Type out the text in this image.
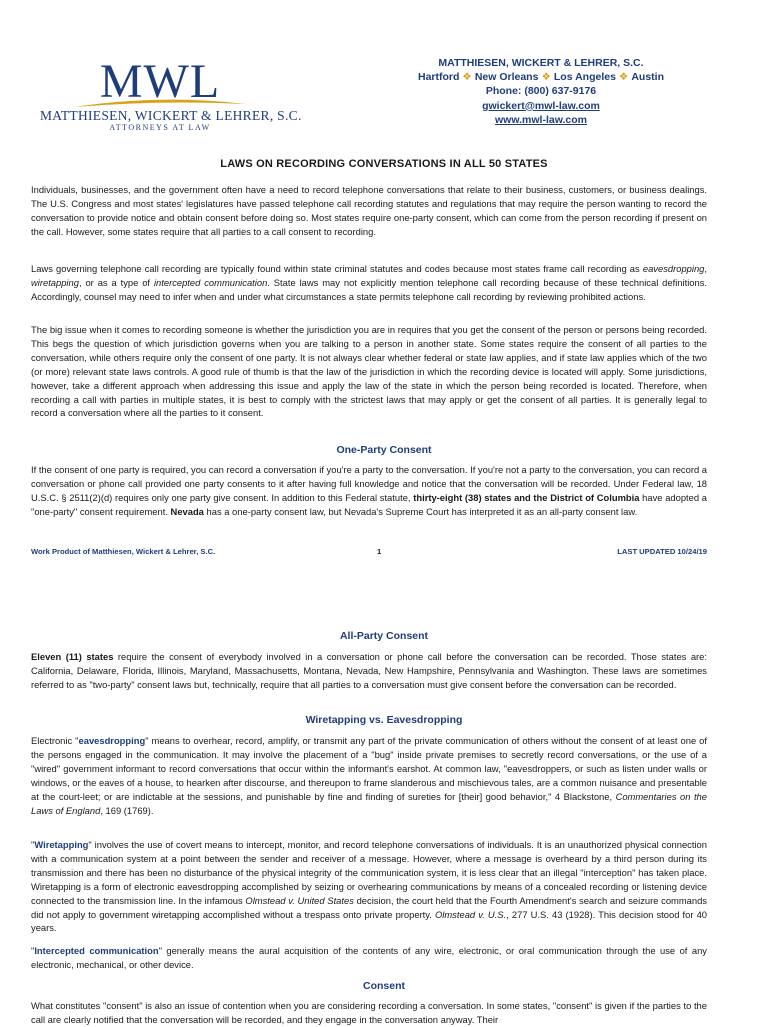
MWL
MATTHIESEN, WICKERT & LEHRER, S.C.
ATTORNEYS AT LAW
MATTHIESEN, WICKERT & LEHRER, S.C.
Hartford ❖ New Orleans ❖ Los Angeles ❖ Austin
Phone: (800) 637-9176
gwickert@mwl-law.com
www.mwl-law.com
LAWS ON RECORDING CONVERSATIONS IN ALL 50 STATES

Individuals, businesses, and the government often have a need to record telephone conversations that relate to their business, customers, or business dealings. The U.S. Congress and most states' legislatures have passed telephone call recording statutes and regulations that may require the person wanting to record the conversation to provide notice and obtain consent before doing so. Most states require one-party consent, which can come from the person recording if present on the call. However, some states require that all parties to a call consent to recording.

Laws governing telephone call recording are typically found within state criminal statutes and codes because most states frame call recording as eavesdropping, wiretapping, or as a type of intercepted communication. State laws may not explicitly mention telephone call recording because of these technical definitions. Accordingly, counsel may need to infer when and under what circumstances a state permits telephone call recording by reviewing prohibited actions.

The big issue when it comes to recording someone is whether the jurisdiction you are in requires that you get the consent of the person or persons being recorded. This begs the question of which jurisdiction governs when you are talking to a person in another state. Some states require the consent of all parties to the conversation, while others require only the consent of one party. It is not always clear whether federal or state law applies, and if state law applies which of the two (or more) relevant state laws controls. A good rule of thumb is that the law of the jurisdiction in which the recording device is located will apply. Some jurisdictions, however, take a different approach when addressing this issue and apply the law of the state in which the person being recorded is located. Therefore, when recording a call with parties in multiple states, it is best to comply with the strictest laws that may apply or get the consent of all parties. It is generally legal to record a conversation where all the parties to it consent.

One-Party Consent

If the consent of one party is required, you can record a conversation if you're a party to the conversation. If you're not a party to the conversation, you can record a conversation or phone call provided one party consents to it after having full knowledge and notice that the conversation will be recorded. Under Federal law, 18 U.S.C. § 2511(2)(d) requires only one party give consent. In addition to this Federal statute, thirty-eight (38) states and the District of Columbia have adopted a "one-party" consent requirement. Nevada has a one-party consent law, but Nevada's Supreme Court has interpreted it as an all-party consent law.

Work Product of Matthiesen, Wickert & Lehrer, S.C.	1	LAST UPDATED 10/24/19
All-Party Consent

Eleven (11) states require the consent of everybody involved in a conversation or phone call before the conversation can be recorded. Those states are: California, Delaware, Florida, Illinois, Maryland, Massachusetts, Montana, Nevada, New Hampshire, Pennsylvania and Washington. These laws are sometimes referred to as "two-party" consent laws but, technically, require that all parties to a conversation must give consent before the conversation can be recorded.

Wiretapping vs. Eavesdropping

Electronic "eavesdropping" means to overhear, record, amplify, or transmit any part of the private communication of others without the consent of at least one of the persons engaged in the communication. It may involve the placement of a "bug" inside private premises to secretly record conversations, or the use of a "wired" government informant to record conversations that occur within the informant's earshot. At common law, "eavesdroppers, or such as listen under walls or windows, or the eaves of a house, to hearken after discourse, and thereupon to frame slanderous and mischievous tales, are a common nuisance and presentable at the court-leet; or are indictable at the sessions, and punishable by fine and finding of sureties for [their] good behavior," 4 Blackstone, Commentaries on the Laws of England, 169 (1769).

"Wiretapping" involves the use of covert means to intercept, monitor, and record telephone conversations of individuals. It is an unauthorized physical connection with a communication system at a point between the sender and receiver of a message. However, where a message is overheard by a third person during its transmission and there has been no disturbance of the physical integrity of the communication system, it is less clear that an illegal "interception" has taken place. Wiretapping is a form of electronic eavesdropping accomplished by seizing or overhearing communications by means of a concealed recording or listening device connected to the transmission line. In the infamous Olmstead v. United States decision, the court held that the Fourth Amendment's search and seizure commands did not apply to government wiretapping accomplished without a trespass onto private property. Olmstead v. U.S., 277 U.S. 43 (1928). This decision stood for 40 years.

"Intercepted communication" generally means the aural acquisition of the contents of any wire, electronic, or oral communication through the use of any electronic, mechanical, or other device.

Consent

What constitutes "consent" is also an issue of contention when you are considering recording a conversation. In some states, "consent" is given if the parties to the call are clearly notified that the conversation will be recorded, and they engage in the conversation anyway. Their
